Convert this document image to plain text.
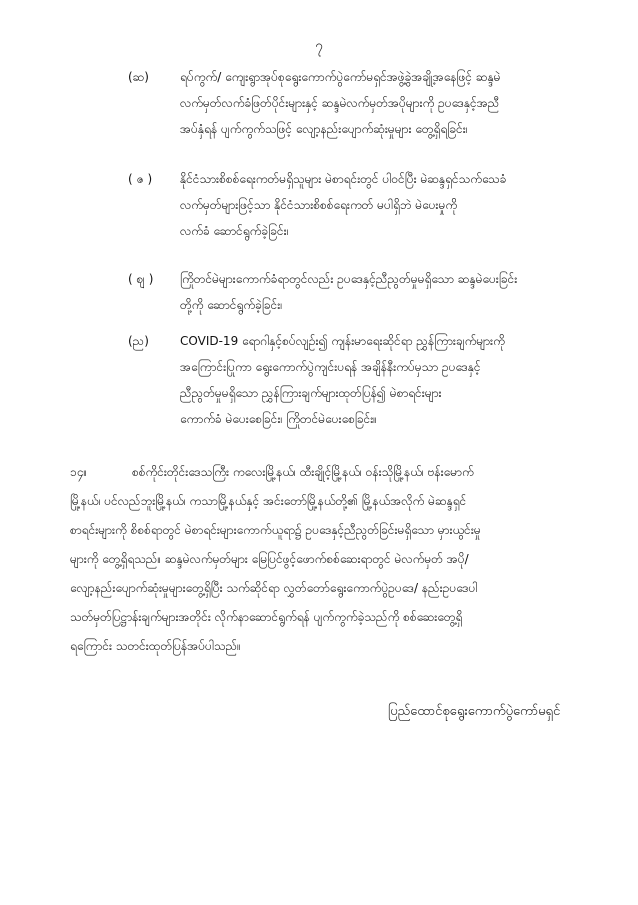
၇
(ဆ)	ရပ်ကွက်/ ကျေးရွာအုပ်စုရွေးကောက်ပွဲကော်မရှင်အဖွဲ့ခွဲအချို့အနေဖြင့် ဆန္ဒမဲ
လက်မှတ်လက်ခံဖြတ်ပိုင်းများနှင့် ဆန္ဒမဲလက်မှတ်အပိုများကို ဥပဒေနှင့်အညီ
အပ်နှံရန် ပျက်ကွက်သဖြင့် လျော့နည်းပျောက်ဆုံးမှုများ တွေ့ရှိရခြင်း၊
( ဇ )	နိုင်ငံသားစိစစ်ရေးကတ်မရှိသူများ မဲစာရင်းတွင် ပါဝင်ပြီး မဲဆန္ဒရှင်သက်သေခံ
လက်မှတ်များဖြင့်သာ နိုင်ငံသားစိစစ်ရေးကတ် မပါရှိဘဲ မဲပေးမှုကို
လက်ခံ ဆောင်ရွက်ခဲ့ခြင်း၊
( ဈ )	ကြိုတင်မဲများကောက်ခံရာတွင်လည်း ဥပဒေနှင့်ညီညွတ်မှုမရှိသော ဆန္ဒမဲပေးခြင်း
တို့ကို ဆောင်ရွက်ခဲ့ခြင်း၊
(ည)	COVID-19 ရောဂါနှင့်စပ်လျဉ်း၍ ကျန်းမာရေးဆိုင်ရာ ညွှန်ကြားချက်များကို
အကြောင်းပြုကာ ရွေးကောက်ပွဲကျင်းပရန် အချိန်နီးကပ်မှသာ ဥပဒေနှင့်
ညီညွတ်မှုမရှိသော ညွှန်ကြားချက်များထုတ်ပြန်၍ မဲစာရင်းများ
ကောက်ခံ မဲပေးစေခြင်း၊ ကြိုတင်မဲပေးစေခြင်း။
၁၄။	စစ်ကိုင်းတိုင်းဒေသကြီး ကလေးမြို့နယ်၊ ထီးချိုင့်မြို့နယ်၊ ဝန်းသိုမြို့နယ်၊ ဗန်းမောက်
မြို့နယ်၊ ပင်လည်ဘူးမြို့နယ်၊ ကသာမြို့နယ်နှင့် အင်းတော်မြို့နယ်တို့၏ မြို့နယ်အလိုက် မဲဆန္ဒရှင်
စာရင်းများကို စိစစ်ရာတွင် မဲစာရင်းများကောက်ယူရာ၌ ဥပဒေနှင့်ညီညွတ်ခြင်းမရှိသော မှားယွင်းမှု
များကို တွေ့ရှိရသည်။ ဆန္ဒမဲလက်မှတ်များ မြေပြင်ဖွင့်ဖောက်စစ်ဆေးရာတွင် မဲလက်မှတ် အပို/
လျော့နည်းပျောက်ဆုံးမှုများတွေ့ရှိပြီး သက်ဆိုင်ရာ လွှတ်တော်ရွေးကောက်ပွဲဥပဒေ/ နည်းဥပဒေပါ
သတ်မှတ်ပြဋ္ဌာန်းချက်များအတိုင်း လိုက်နာဆောင်ရွက်ရန် ပျက်ကွက်ခဲ့သည်ကို စစ်ဆေးတွေ့ရှိ
ရကြောင်း သတင်းထုတ်ပြန်အပ်ပါသည်။
ပြည်ထောင်စုရွေးကောက်ပွဲကော်မရှင်
